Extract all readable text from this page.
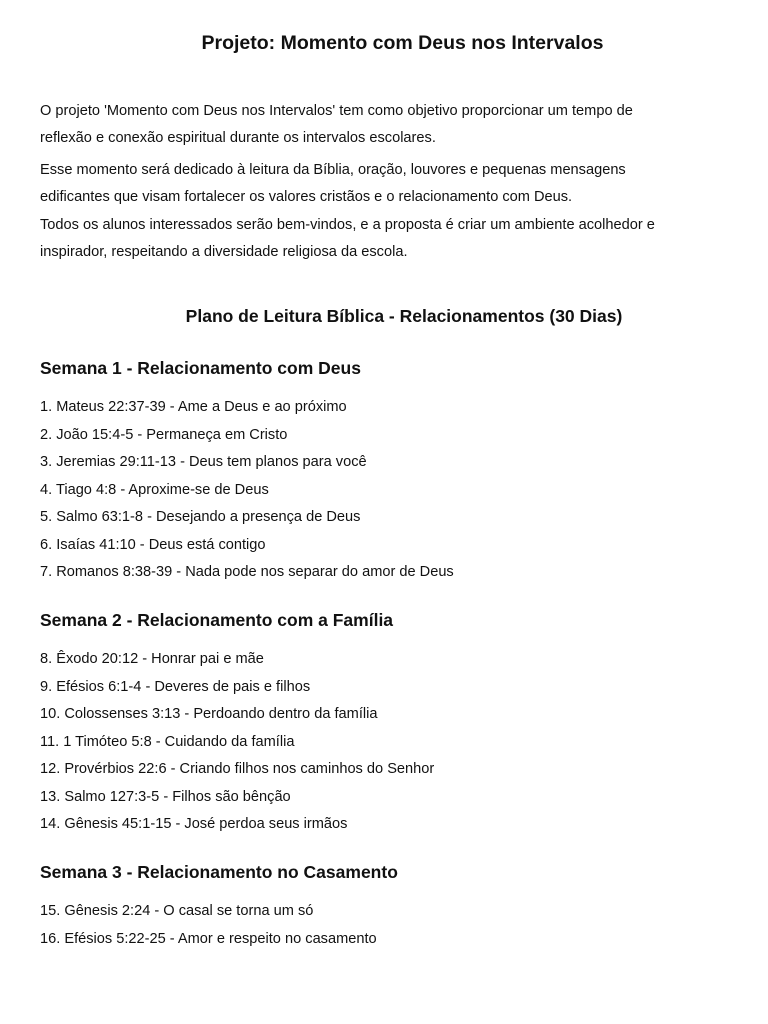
Projeto: Momento com Deus nos Intervalos

O projeto 'Momento com Deus nos Intervalos' tem como objetivo proporcionar um tempo de

reflexão e conexão espiritual durante os intervalos escolares.

Esse momento será dedicado à leitura da Bíblia, oração, louvores e pequenas mensagens

edificantes que visam fortalecer os valores cristãos e o relacionamento com Deus.

Todos os alunos interessados serão bem-vindos, e a proposta é criar um ambiente acolhedor e

inspirador, respeitando a diversidade religiosa da escola.

Plano de Leitura Bíblica - Relacionamentos (30 Dias)
Semana 1 - Relacionamento com Deus
1. Mateus 22:37-39 - Ame a Deus e ao próximo
2. João 15:4-5 - Permaneça em Cristo
3. Jeremias 29:11-13 - Deus tem planos para você
4. Tiago 4:8 - Aproxime-se de Deus
5. Salmo 63:1-8 - Desejando a presença de Deus
6. Isaías 41:10 - Deus está contigo
7. Romanos 8:38-39 - Nada pode nos separar do amor de Deus
Semana 2 - Relacionamento com a Família
8. Êxodo 20:12 - Honrar pai e mãe
9. Efésios 6:1-4 - Deveres de pais e filhos
10. Colossenses 3:13 - Perdoando dentro da família
11. 1 Timóteo 5:8 - Cuidando da família
12. Provérbios 22:6 - Criando filhos nos caminhos do Senhor
13. Salmo 127:3-5 - Filhos são bênção
14. Gênesis 45:1-15 - José perdoa seus irmãos
Semana 3 - Relacionamento no Casamento
15. Gênesis 2:24 - O casal se torna um só
16. Efésios 5:22-25 - Amor e respeito no casamento
